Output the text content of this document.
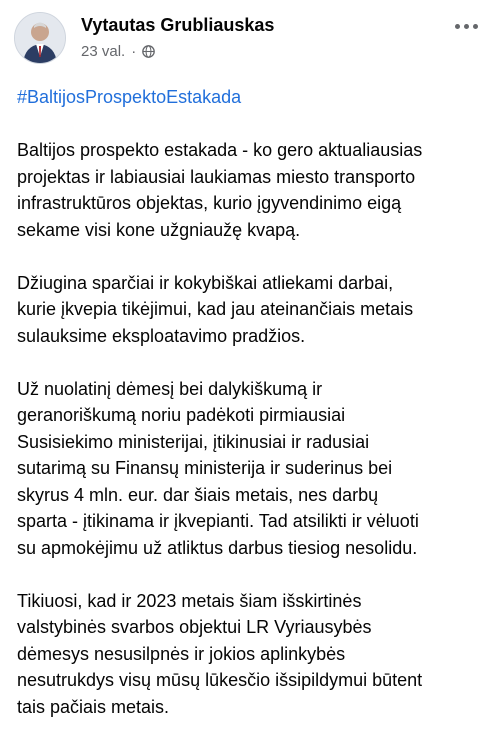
Vytautas Grubliauskas
23 val. ·
#BaltijosProspektoEstakada
Baltijos prospekto estakada - ko gero aktualiausias
projektas ir labiausiai laukiamas miesto transporto
infrastruktūros objektas, kurio įgyvendinimo eigą
sekame visi kone užgniaužę kvapą.
Džiugina sparčiai ir kokybiškai atliekami darbai,
kurie įkvepia tikėjimui, kad jau ateinančiais metais
sulauksime eksploatavimo pradžios.
Už nuolatinį dėmesį bei dalykiškumą ir
geranoriškumą noriu padėkoti pirmiausiai
Susisiekimo ministerijai, įtikinusiai ir radusiai
sutarimą su Finansų ministerija ir suderinus bei
skyrus 4 mln. eur. dar šiais metais, nes darbų
sparta - įtikinama ir įkvepianti. Tad atsilikti ir vėluoti
su apmokėjimu už atliktus darbus tiesiog nesolidu.
Tikiuosi, kad ir 2023 metais šiam išskirtinės
valstybinės svarbos objektui LR Vyriausybės
dėmesys nesusilpnės ir jokios aplinkybės
nesutrukdys visų mūsų lūkesčio išsipildymui būtent
tais pačiais metais.
